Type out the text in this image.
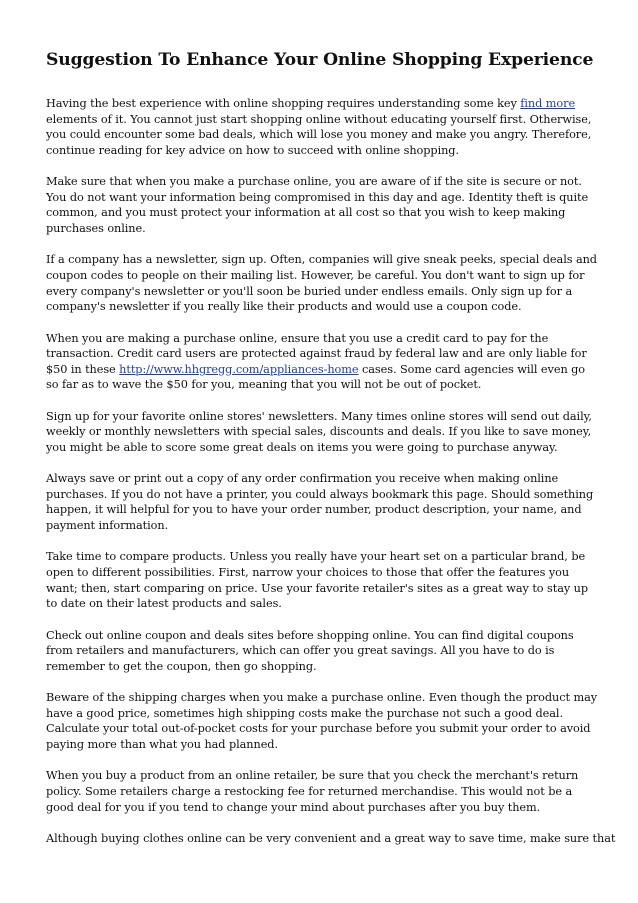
Suggestion To Enhance Your Online Shopping Experience

Having the best experience with online shopping requires understanding some key find more elements of it. You cannot just start shopping online without educating yourself first. Otherwise, you could encounter some bad deals, which will lose you money and make you angry. Therefore, continue reading for key advice on how to succeed with online shopping.

Make sure that when you make a purchase online, you are aware of if the site is secure or not. You do not want your information being compromised in this day and age. Identity theft is quite common, and you must protect your information at all cost so that you wish to keep making purchases online.

If a company has a newsletter, sign up. Often, companies will give sneak peeks, special deals and coupon codes to people on their mailing list. However, be careful. You don't want to sign up for every company's newsletter or you'll soon be buried under endless emails. Only sign up for a company's newsletter if you really like their products and would use a coupon code.

When you are making a purchase online, ensure that you use a credit card to pay for the transaction. Credit card users are protected against fraud by federal law and are only liable for $50 in these http://www.hhgregg.com/appliances-home cases. Some card agencies will even go so far as to wave the $50 for you, meaning that you will not be out of pocket.

Sign up for your favorite online stores' newsletters. Many times online stores will send out daily, weekly or monthly newsletters with special sales, discounts and deals. If you like to save money, you might be able to score some great deals on items you were going to purchase anyway.

Always save or print out a copy of any order confirmation you receive when making online purchases. If you do not have a printer, you could always bookmark this page. Should something happen, it will helpful for you to have your order number, product description, your name, and payment information.

Take time to compare products. Unless you really have your heart set on a particular brand, be open to different possibilities. First, narrow your choices to those that offer the features you want; then, start comparing on price. Use your favorite retailer's sites as a great way to stay up to date on their latest products and sales.

Check out online coupon and deals sites before shopping online. You can find digital coupons from retailers and manufacturers, which can offer you great savings. All you have to do is remember to get the coupon, then go shopping.

Beware of the shipping charges when you make a purchase online. Even though the product may have a good price, sometimes high shipping costs make the purchase not such a good deal. Calculate your total out-of-pocket costs for your purchase before you submit your order to avoid paying more than what you had planned.

When you buy a product from an online retailer, be sure that you check the merchant's return policy. Some retailers charge a restocking fee for returned merchandise. This would not be a good deal for you if you tend to change your mind about purchases after you buy them.

Although buying clothes online can be very convenient and a great way to save time, make sure that
